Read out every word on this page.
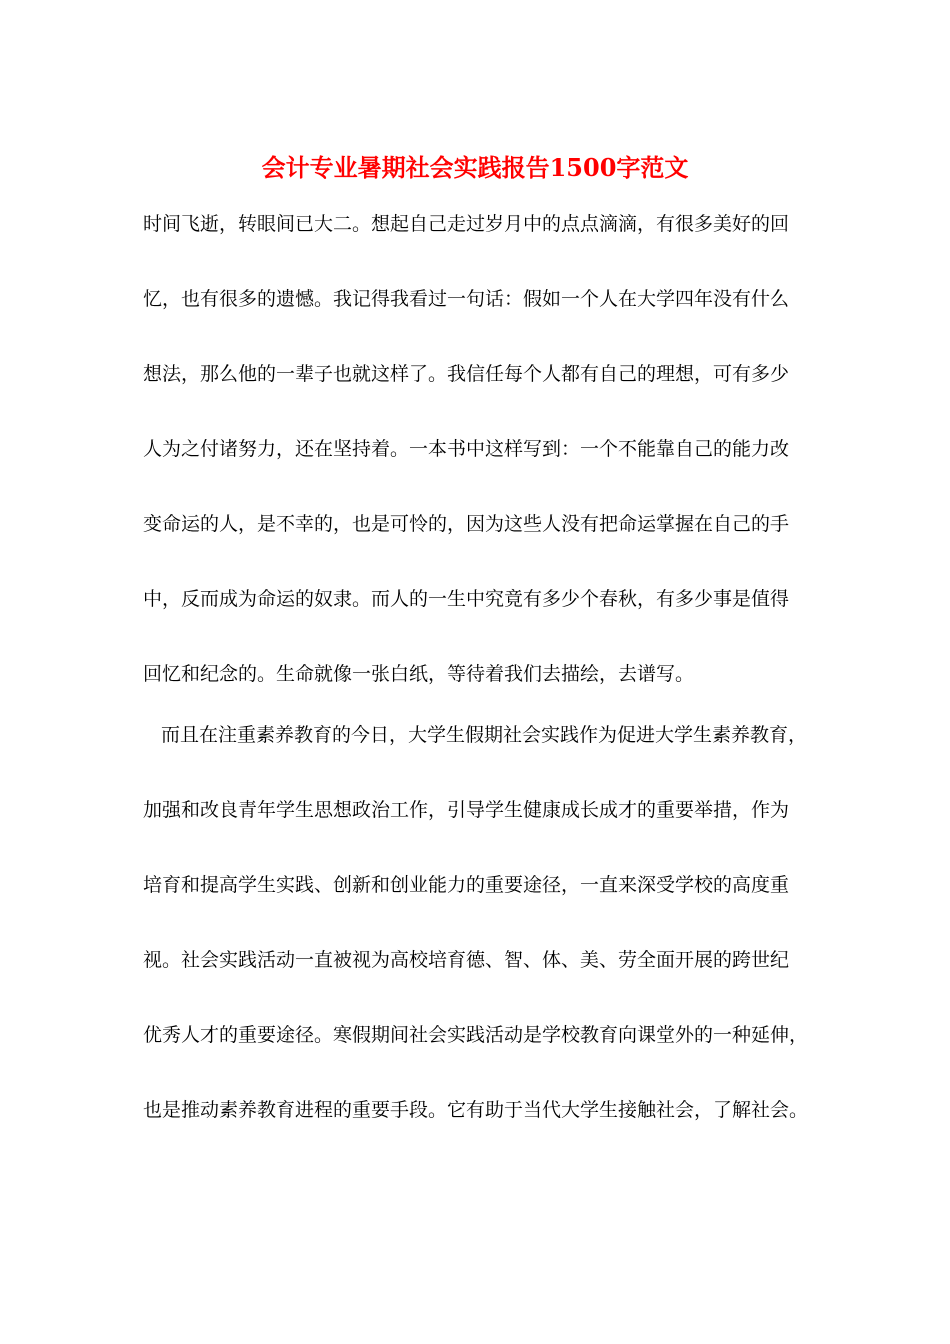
会计专业暑期社会实践报告1500字范文
时间飞逝，转眼间已大二。想起自己走过岁月中的点点滴滴，有很多美好的回
忆，也有很多的遗憾。我记得我看过一句话：假如一个人在大学四年没有什么
想法，那么他的一辈子也就这样了。我信任每个人都有自己的理想，可有多少
人为之付诸努力，还在坚持着。一本书中这样写到：一个不能靠自己的能力改
变命运的人，是不幸的，也是可怜的，因为这些人没有把命运掌握在自己的手
中，反而成为命运的奴隶。而人的一生中究竟有多少个春秋，有多少事是值得
回忆和纪念的。生命就像一张白纸，等待着我们去描绘，去谱写。
而且在注重素养教育的今日，大学生假期社会实践作为促进大学生素养教育，
加强和改良青年学生思想政治工作，引导学生健康成长成才的重要举措，作为
培育和提高学生实践、创新和创业能力的重要途径，一直来深受学校的高度重
视。社会实践活动一直被视为高校培育德、智、体、美、劳全面开展的跨世纪
优秀人才的重要途径。寒假期间社会实践活动是学校教育向课堂外的一种延伸，
也是推动素养教育进程的重要手段。它有助于当代大学生接触社会，了解社会。
